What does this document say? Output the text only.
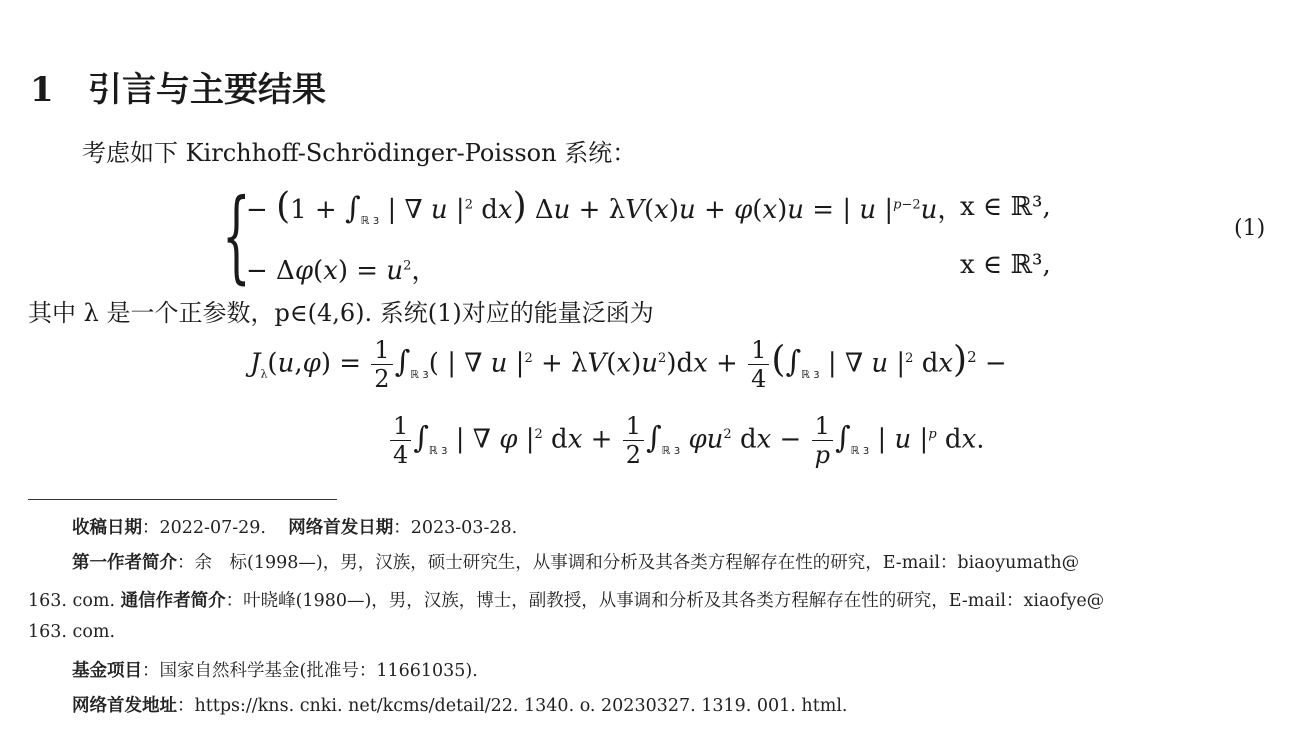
1 引言与主要结果
考虑如下 Kirchhoff-Schrödinger-Poisson 系统：
{
− ($1 + \int_{ℝ 3}$ | ∇ u $|^2$ dx) Δu + λV(x)u + φ(x)u = | u $|^{p-2}u$，
x ∈ ℝ³,
− $\Delta\varphi(x) = u^2$，	x ∈ ℝ³,
(1)
其中 λ 是一个正参数，p∈(4,6). 系统(1)对应的能量泛函为
$J_\lambda(u,\varphi) = \frac{1}{2} \int_{ℝ 3}$( | ∇ u $|^2 + \lambda V(x)u^2)dx + \frac{1}{4} (\int_{ℝ 3}$ | ∇ u $|^2$ dx)$^2$ −
$\frac{1}{4} \int_{ℝ 3}$ | ∇ φ $|^2$ dx + $\frac{1}{2} \int_{ℝ 3}$ $\varphi u^2$ dx − $\frac{1}{p} \int_{ℝ 3}$ | u $|^p$ dx.
收稿日期：2022-07-29. 网络首发日期：2023-03-28.
第一作者简介：余　标(1998—)，男，汉族，硕士研究生，从事调和分析及其各类方程解存在性的研究，E-mail：biaoyumath@
163. com. 通信作者简介：叶晓峰(1980—)，男，汉族，博士，副教授，从事调和分析及其各类方程解存在性的研究，E-mail：xiaofye@
163. com.
基金项目：国家自然科学基金(批准号：11661035).
网络首发地址：https://kns. cnki. net/kcms/detail/22. 1340. o. 20230327. 1319. 001. html.
